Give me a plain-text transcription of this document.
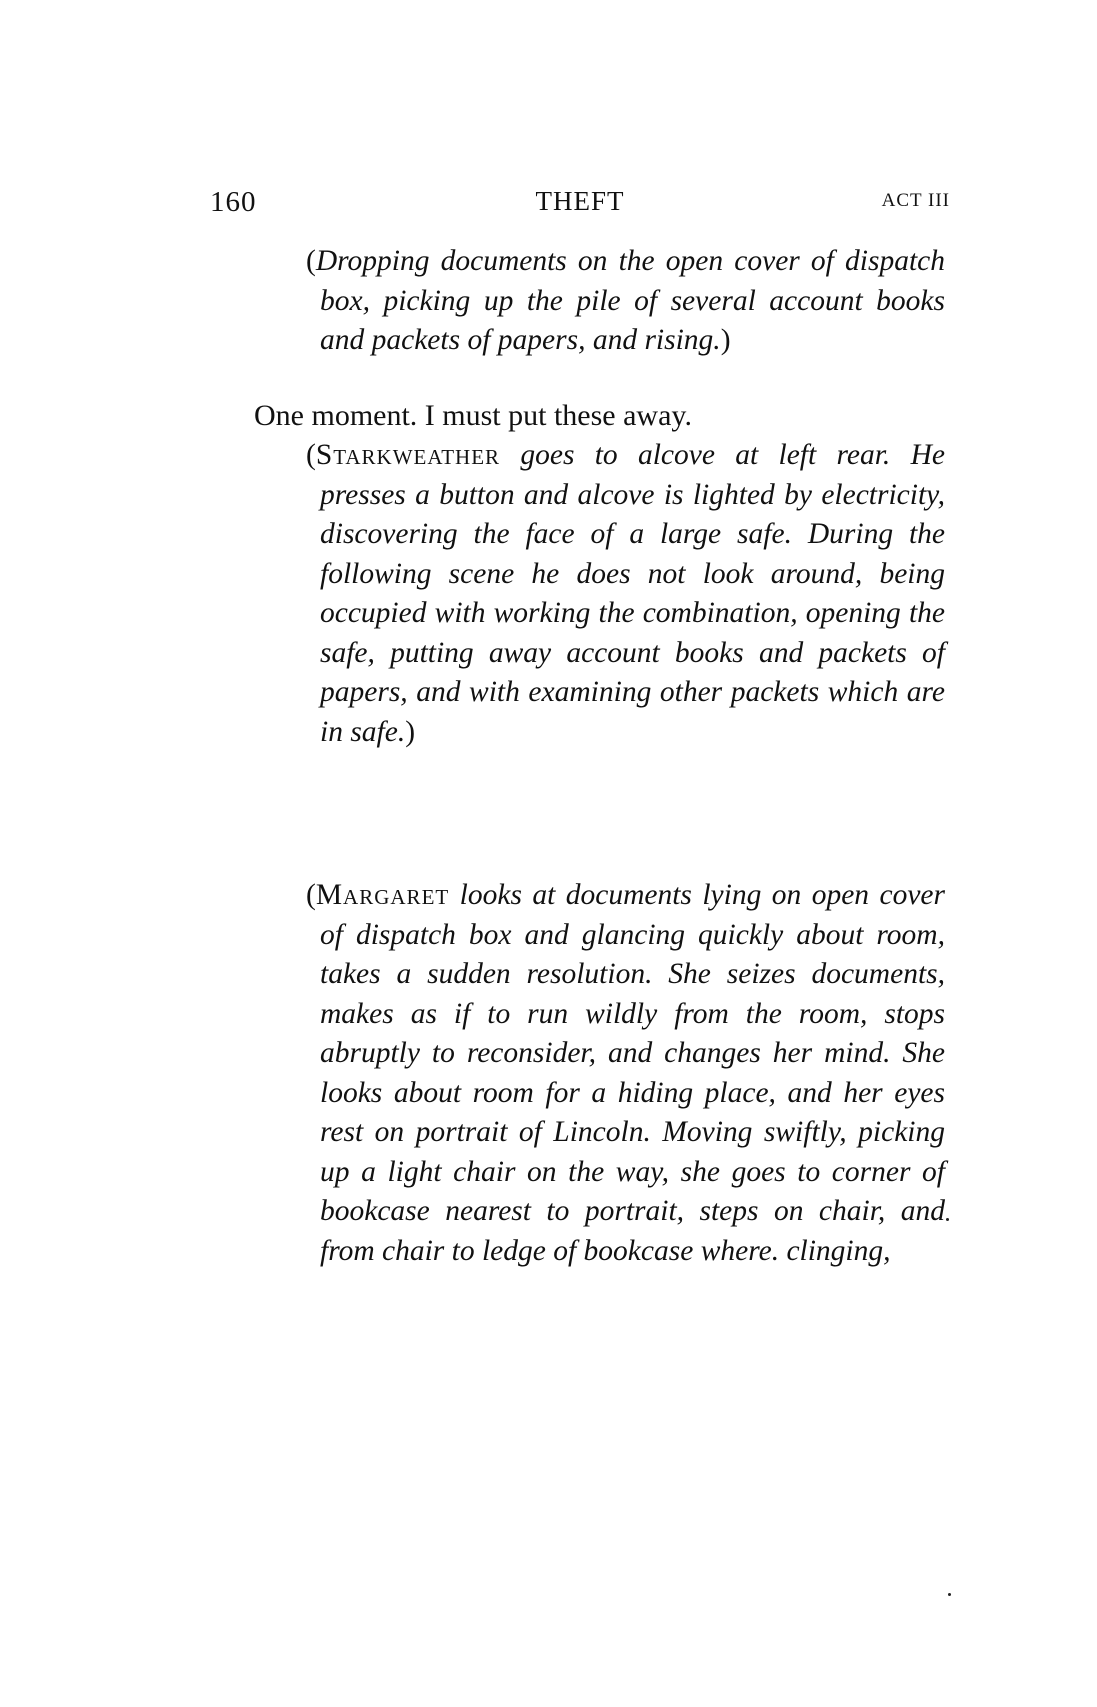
160	THEFT	ACT III
(Dropping documents on the open cover of dispatch box, picking up the pile of several account books and packets of papers, and rising.)
One moment. I must put these away.
(Starkweather goes to alcove at left rear. He presses a button and alcove is lighted by electricity, discovering the face of a large safe. During the following scene he does not look around, being occupied with working the combination, opening the safe, putting away account books and packets of papers, and with examining other packets which are in safe.)
(Margaret looks at documents lying on open cover of dispatch box and glancing quickly about room, takes a sudden resolution. She seizes documents, makes as if to run wildly from the room, stops abruptly to reconsider, and changes her mind. She looks about room for a hiding place, and her eyes rest on portrait of Lincoln. Moving swiftly, picking up a light chair on the way, she goes to corner of bookcase nearest to portrait, steps on chair, and from chair to ledge of bookcase where. clinging,
